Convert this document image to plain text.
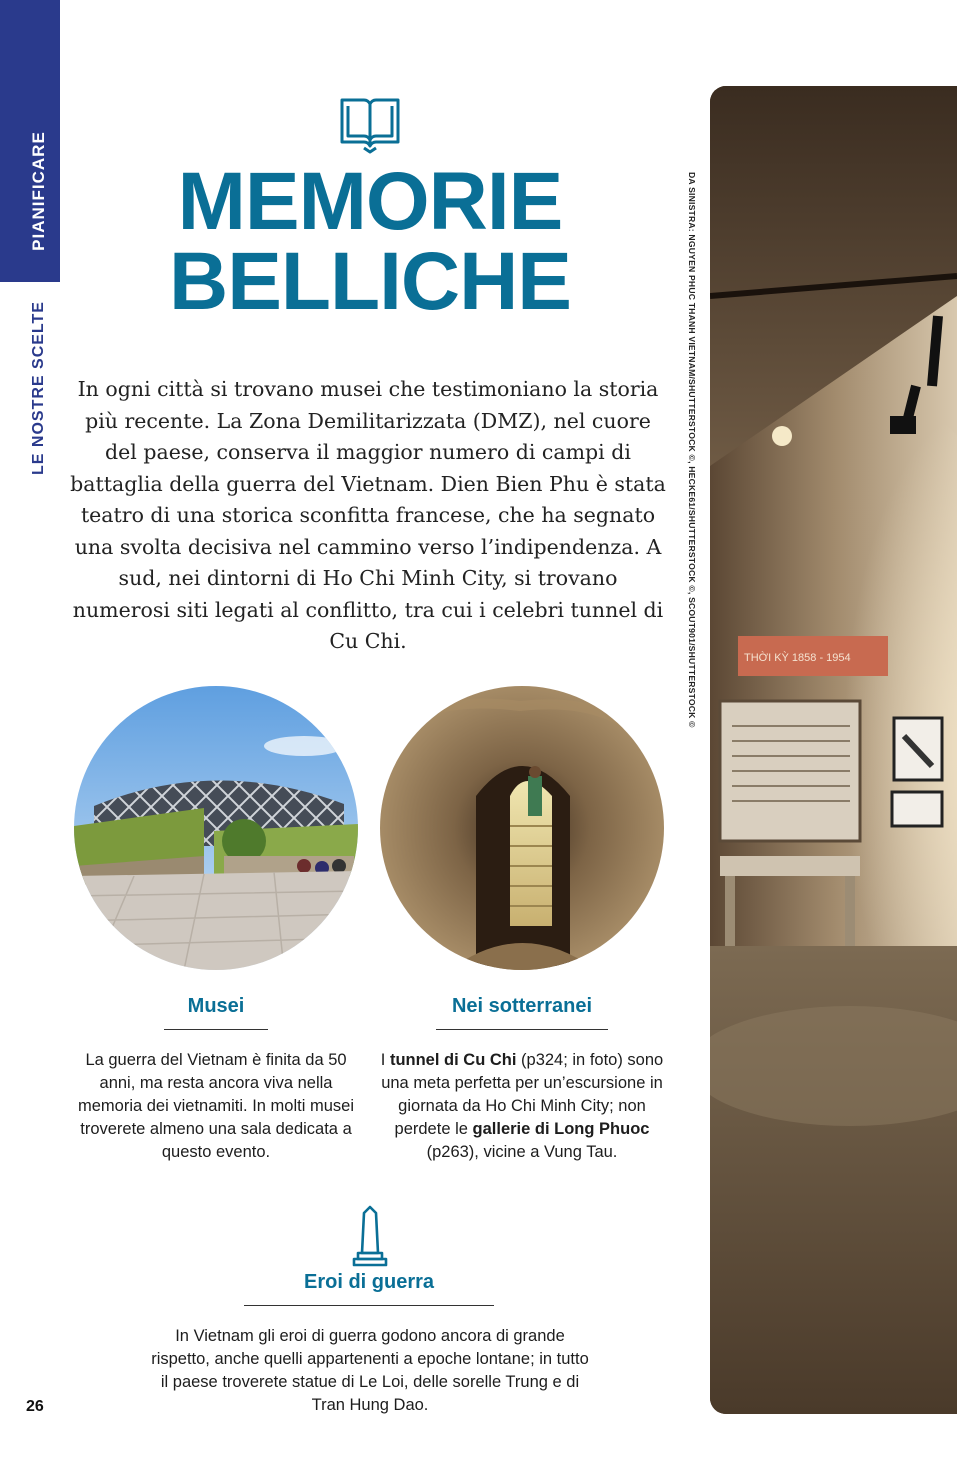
PIANIFICARE
LE NOSTRE SCELTE
MEMORIE
BELLICHE
In ogni città si trovano musei che testimoniano la storia più recente. La Zona Demilitarizzata (DMZ), nel cuore del paese, conserva il maggior numero di campi di battaglia della guerra del Vietnam. Dien Bien Phu è stata teatro di una storica sconfitta francese, che ha segnato una svolta decisiva nel cammino verso l’indipendenza. A sud, nei dintorni di Ho Chi Minh City, si trovano numerosi siti legati al conflitto, tra cui i celebri tunnel di Cu Chi.
Musei
La guerra del Vietnam è finita da 50 anni, ma resta ancora viva nella memoria dei vietnamiti. In molti musei troverete almeno una sala dedicata a questo evento.
Nei sotterranei
I tunnel di Cu Chi (p324; in foto) sono una meta perfetta per un’escursione in giornata da Ho Chi Minh City; non perdete le gallerie di Long Phuoc (p263), vicine a Vung Tau.
Eroi di guerra
In Vietnam gli eroi di guerra godono ancora di grande rispetto, anche quelli appartenenti a epoche lontane; in tutto il paese troverete statue di Le Loi, delle sorelle Trung e di Tran Hung Dao.
26
DA SINISTRA: NGUYEN PHUC THANH VIETNAM/SHUTTERSTOCK ©, HECKE61/SHUTTERSTOCK ©, SCOUT901/SHUTTERSTOCK ©	THỜI KỲ 1858 - 1954
